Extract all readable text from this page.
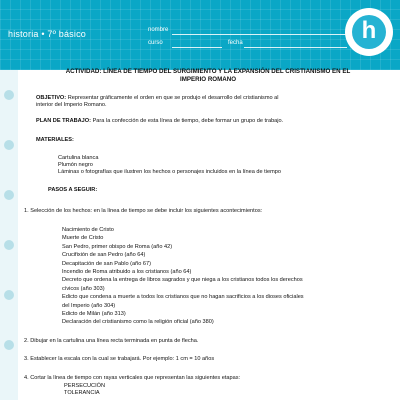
historia • 7º básico	nombre
curso	fecha	h
ACTIVIDAD: LÍNEA DE TIEMPO DEL SURGIMIENTO Y LA EXPANSIÓN DEL CRISTIANISMO EN EL
IMPERIO ROMANO
OBJETIVO: Representar gráficamente el orden en que se produjo el desarrollo del cristianismo al
interior del Imperio Romano.
PLAN DE TRABAJO: Para la confección de esta línea de tiempo, debe formar un grupo de trabajo.
MATERIALES:
Cartulina blanca
Plumón negro
Láminas o fotografías que ilustren los hechos o personajes incluidos en la línea de tiempo
PASOS A SEGUIR:
1. Selección de los hechos: en la línea de tiempo se debe incluir los siguientes acontecimientos:
Nacimiento de Cristo
Muerte de Cristo
San Pedro, primer obispo de Roma (año 42)
Crucifixión de san Pedro (año 64)
Decapitación de san Pablo (año 67)
Incendio de Roma atribuido a los cristianos (año 64)
Decreto que ordena la entrega de libros sagrados y que niega a los cristianos todos los derechos
cívicos (año 303)
Edicto que condena a muerte a todos los cristianos que no hagan sacrificios a los dioses oficiales
del Imperio (año 304)
Edicto de Milán (año 313)
Declaración del cristianismo como la religión oficial (año 380)
2. Dibujar en la cartulina una línea recta terminada en punta de flecha.
3. Establecer la escala con la cual se trabajará. Por ejemplo: 1 cm = 10 años
4. Cortar la línea de tiempo con rayas verticales que representan las siguientes etapas:
PERSECUCIÓN
TOLERANCIA
